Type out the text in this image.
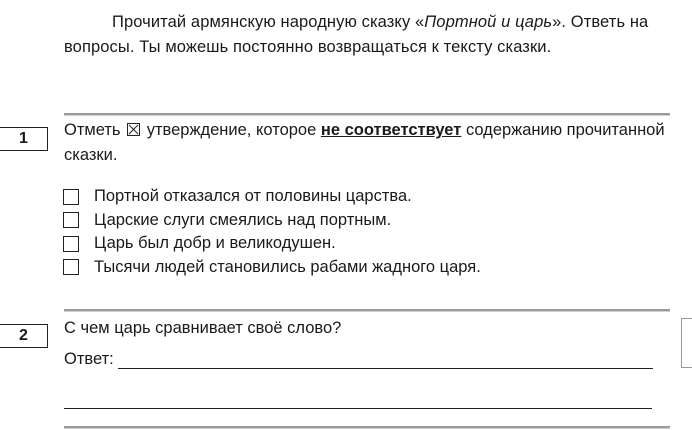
Прочитай армянскую народную сказку «Портной и царь». Ответь на вопросы. Ты можешь постоянно возвращаться к тексту сказки.
1	Отметь утверждение, которое не соответствует содержанию прочитанной сказки.
Портной отказался от половины царства.
Царские слуги смеялись над портным.
Царь был добр и великодушен.
Тысячи людей становились рабами жадного царя.
2	С чем царь сравнивает своё слово?
Ответ:
